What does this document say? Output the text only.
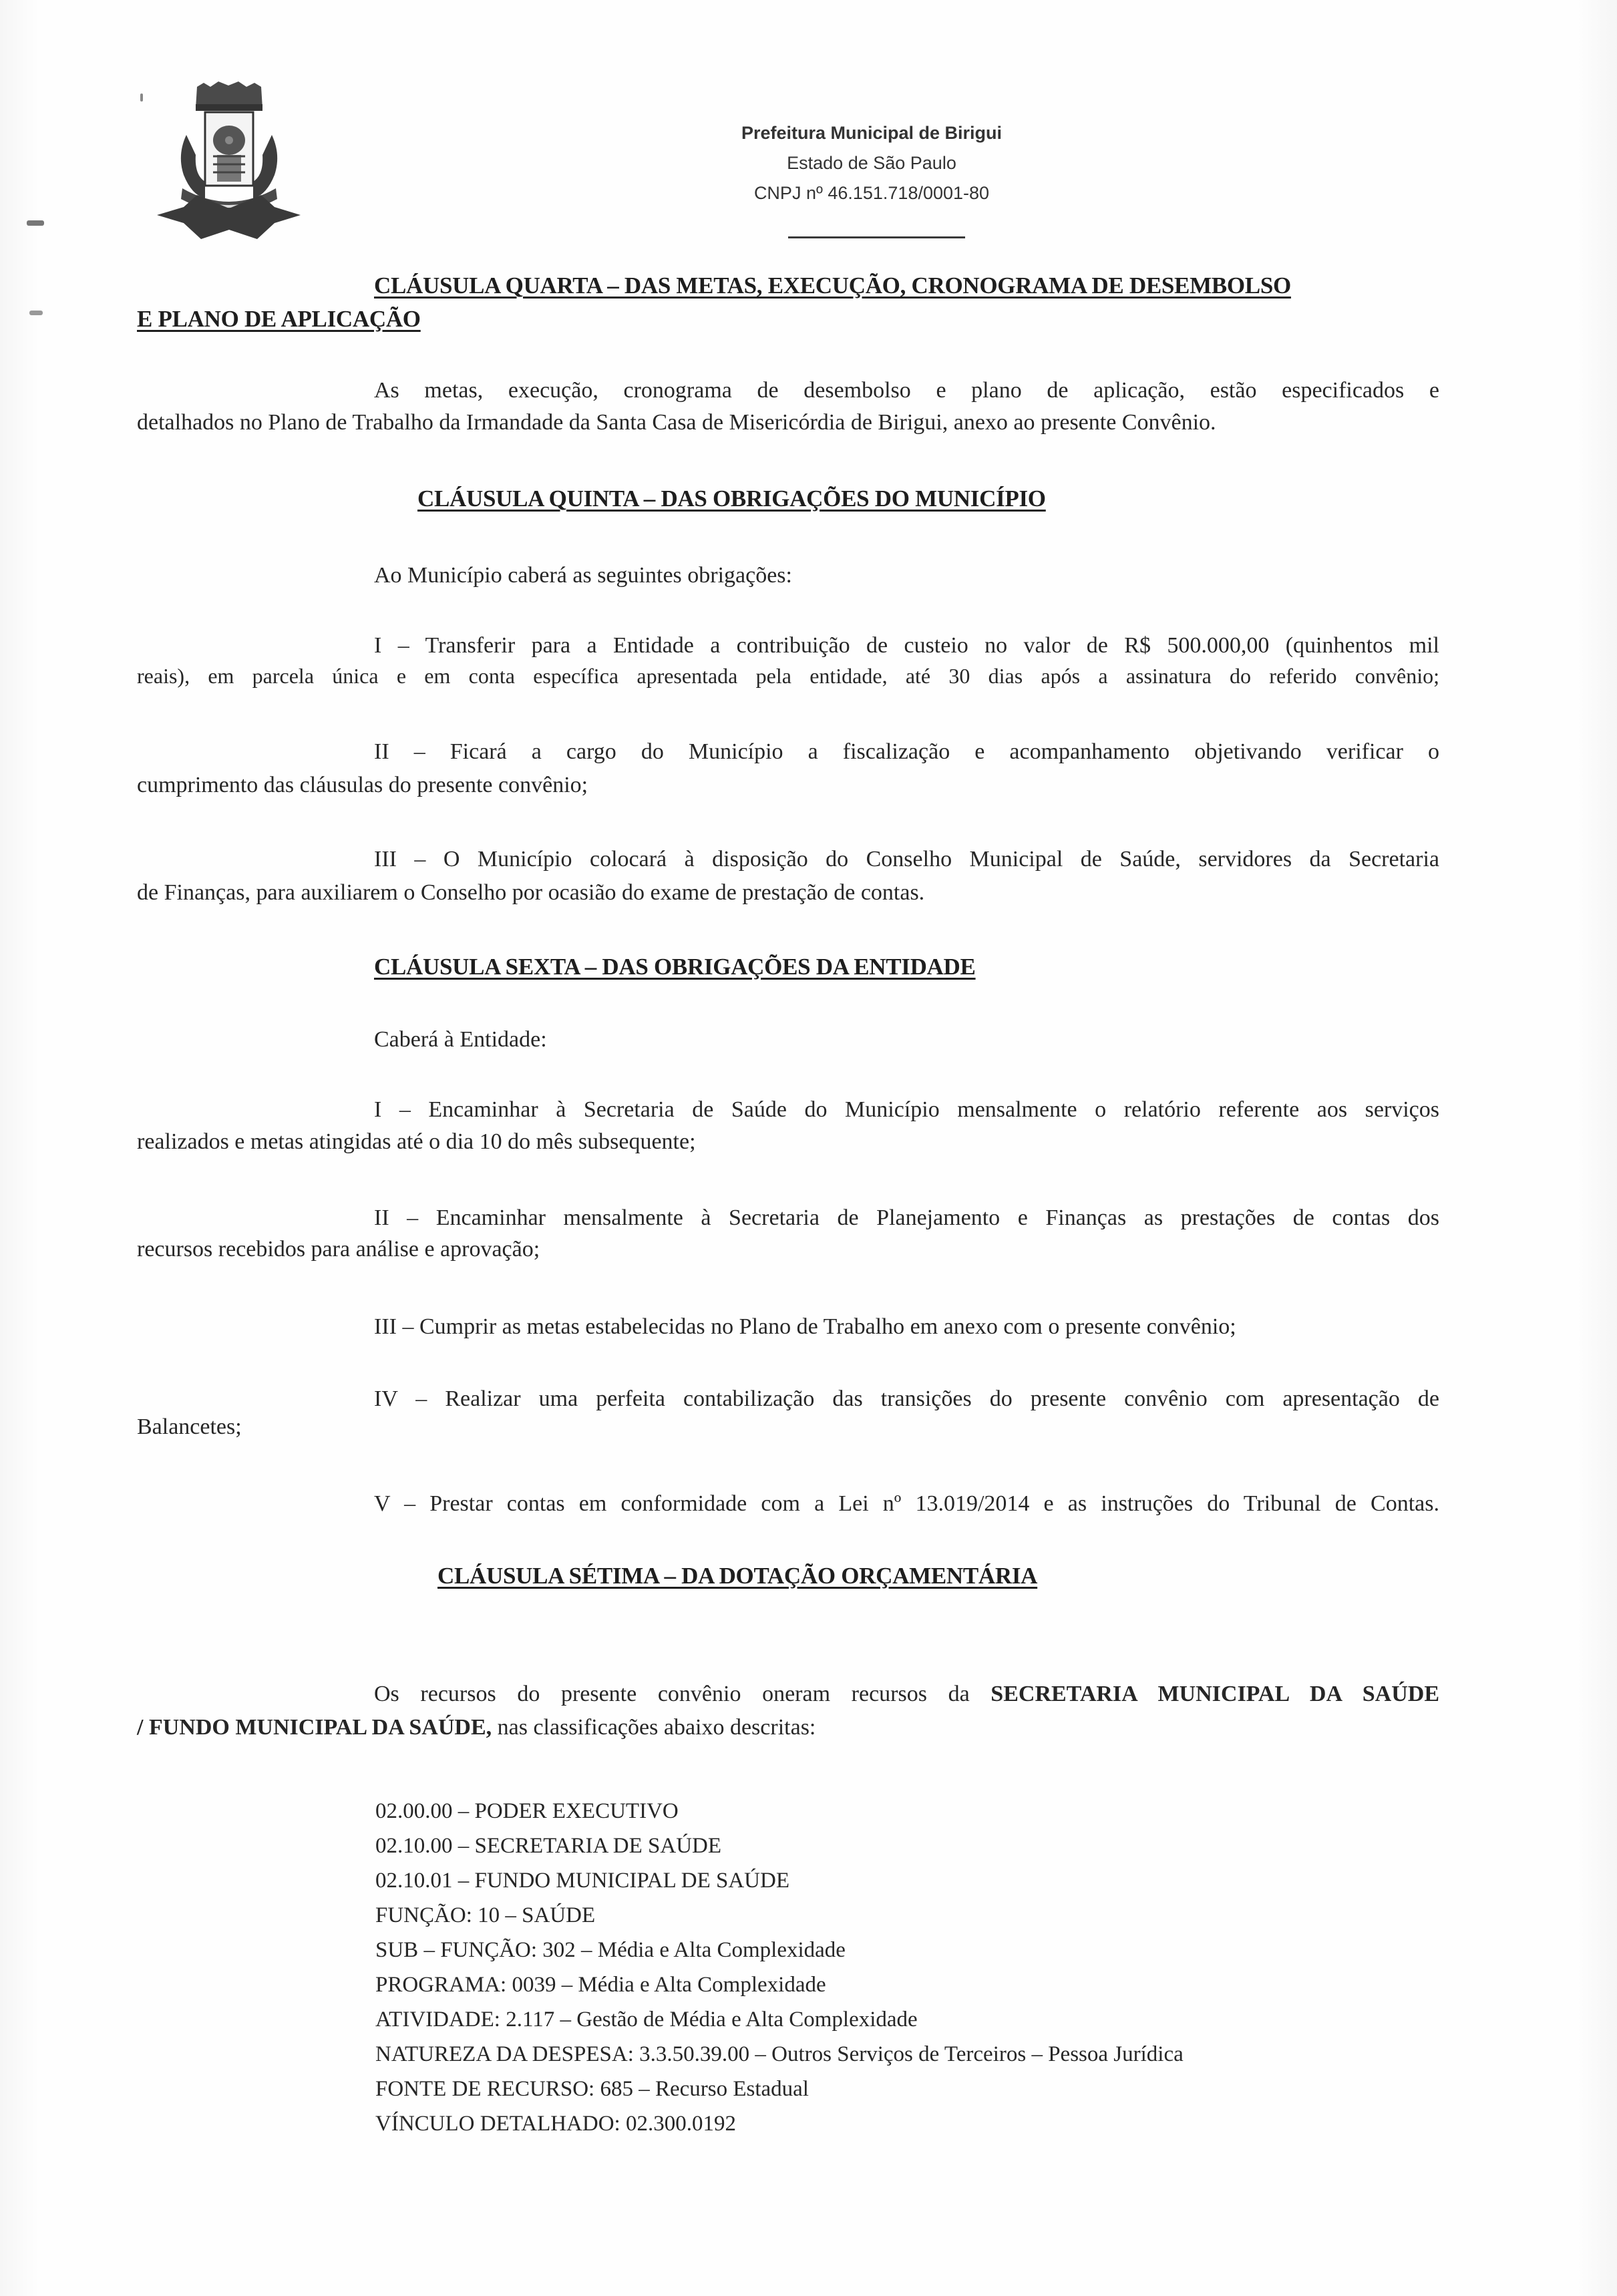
Prefeitura Municipal de Birigui
Estado de São Paulo
CNPJ nº 46.151.718/0001-80
CLÁUSULA QUARTA – DAS METAS, EXECUÇÃO, CRONOGRAMA DE DESEMBOLSO
E PLANO DE APLICAÇÃO
As metas, execução, cronograma de desembolso e plano de aplicação, estão especificados e
detalhados no Plano de Trabalho da Irmandade da Santa Casa de Misericórdia de Birigui, anexo ao presente Convênio.
CLÁUSULA QUINTA – DAS OBRIGAÇÕES DO MUNICÍPIO
Ao Município caberá as seguintes obrigações:
I – Transferir para a Entidade a contribuição de custeio no valor de R$ 500.000,00 (quinhentos mil
reais), em parcela única e em conta específica apresentada pela entidade, até 30 dias após a assinatura do referido convênio;
II – Ficará a cargo do Município a fiscalização e acompanhamento objetivando verificar o
cumprimento das cláusulas do presente convênio;
III – O Município colocará à disposição do Conselho Municipal de Saúde, servidores da Secretaria
de Finanças, para auxiliarem o Conselho por ocasião do exame de prestação de contas.
CLÁUSULA SEXTA – DAS OBRIGAÇÕES DA ENTIDADE
Caberá à Entidade:
I – Encaminhar à Secretaria de Saúde do Município mensalmente o relatório referente aos serviços
realizados e metas atingidas até o dia 10 do mês subsequente;
II – Encaminhar mensalmente à Secretaria de Planejamento e Finanças as prestações de contas dos
recursos recebidos para análise e aprovação;
III – Cumprir as metas estabelecidas no Plano de Trabalho em anexo com o presente convênio;
IV – Realizar uma perfeita contabilização das transições do presente convênio com apresentação de
Balancetes;
V – Prestar contas em conformidade com a Lei nº 13.019/2014 e as instruções do Tribunal de Contas.
CLÁUSULA SÉTIMA – DA DOTAÇÃO ORÇAMENTÁRIA
Os recursos do presente convênio oneram recursos da SECRETARIA MUNICIPAL DA SAÚDE
/ FUNDO MUNICIPAL DA SAÚDE, nas classificações abaixo descritas:
02.00.00 – PODER EXECUTIVO
02.10.00 – SECRETARIA DE SAÚDE
02.10.01 – FUNDO MUNICIPAL DE SAÚDE
FUNÇÃO: 10 – SAÚDE
SUB – FUNÇÃO: 302 – Média e Alta Complexidade
PROGRAMA: 0039 – Média e Alta Complexidade
ATIVIDADE: 2.117 – Gestão de Média e Alta Complexidade
NATUREZA DA DESPESA: 3.3.50.39.00 – Outros Serviços de Terceiros – Pessoa Jurídica
FONTE DE RECURSO: 685 – Recurso Estadual
VÍNCULO DETALHADO: 02.300.0192
